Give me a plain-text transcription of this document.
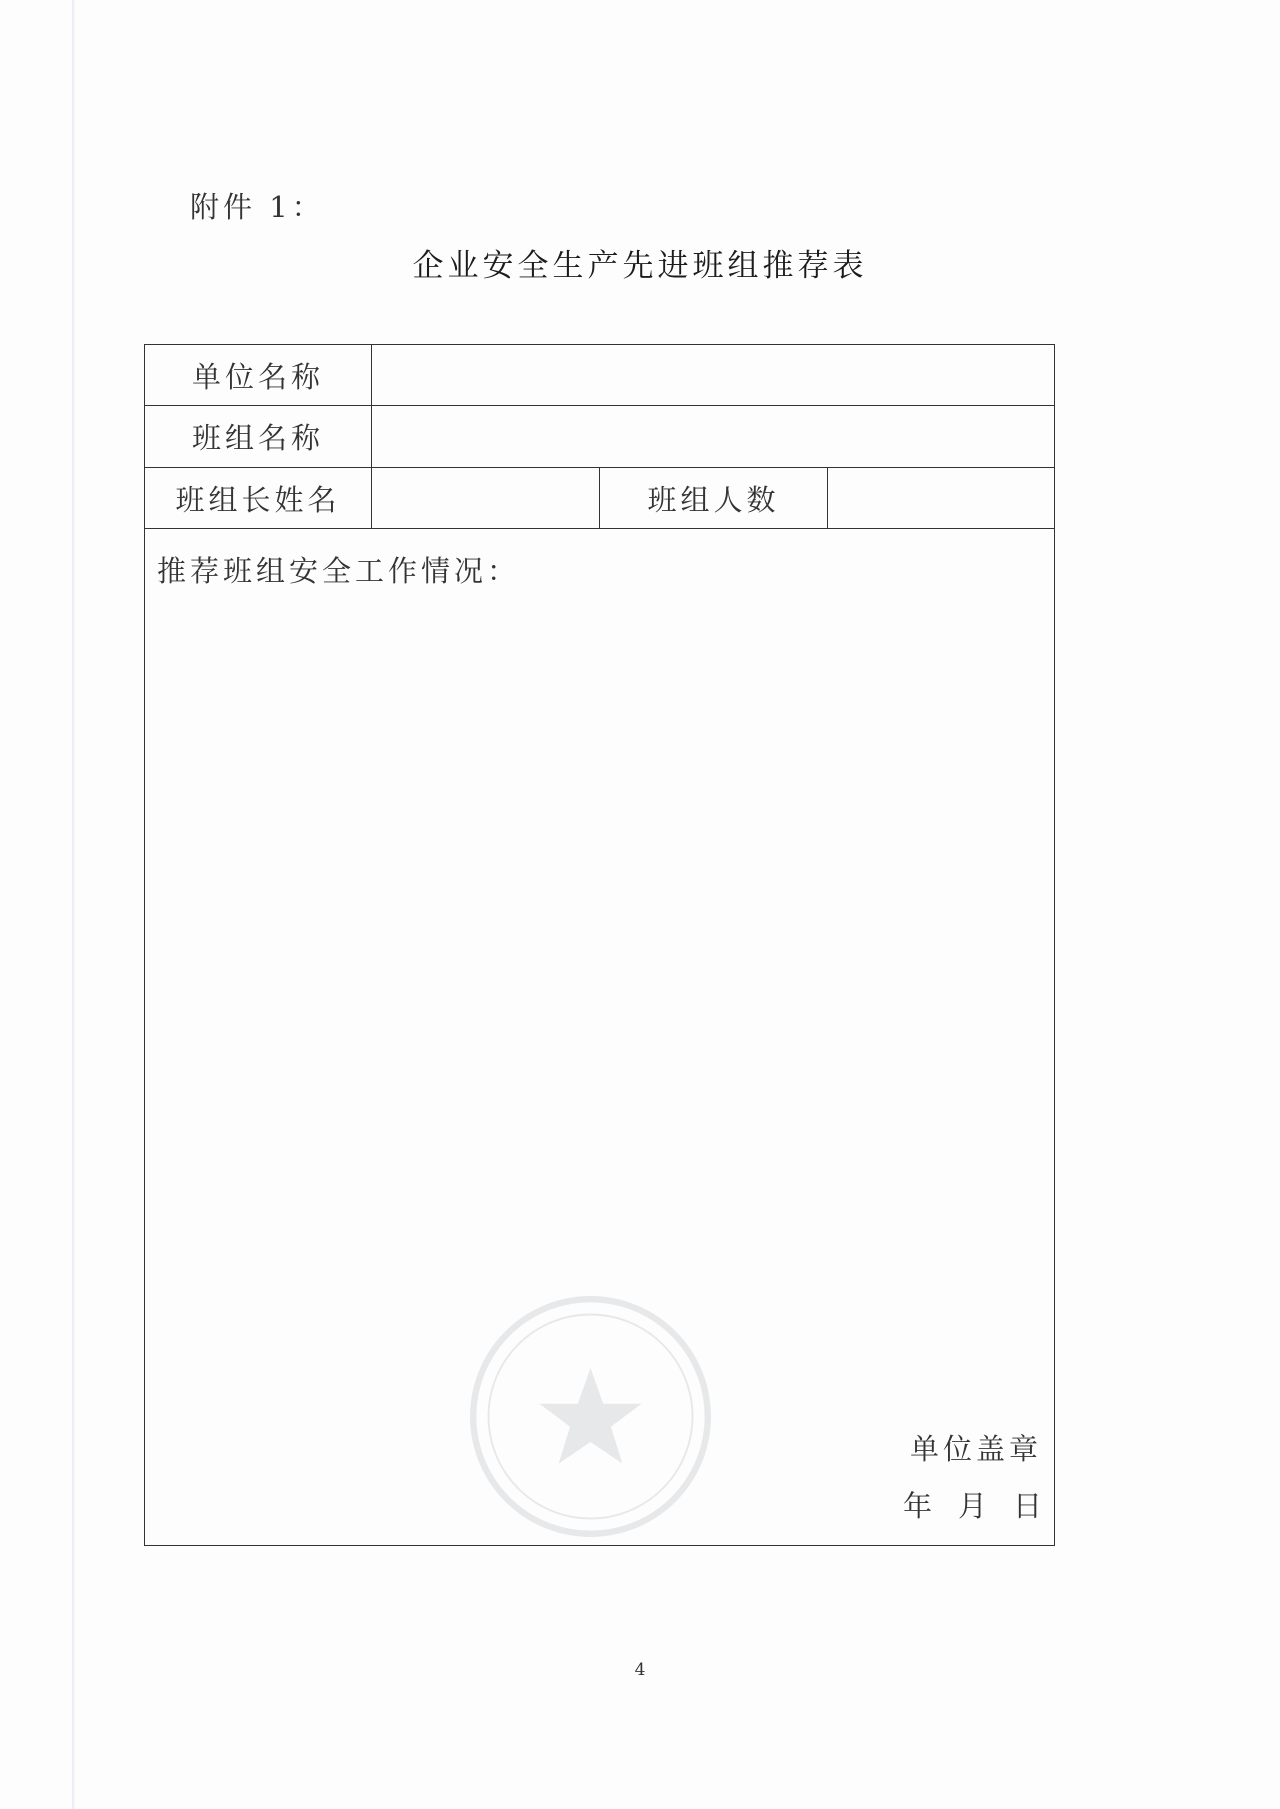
附件 1：
企业安全生产先进班组推荐表
单位名称
班组名称
班组长姓名	班组人数
推荐班组安全工作情况：
单位盖章
年 月 日
4
